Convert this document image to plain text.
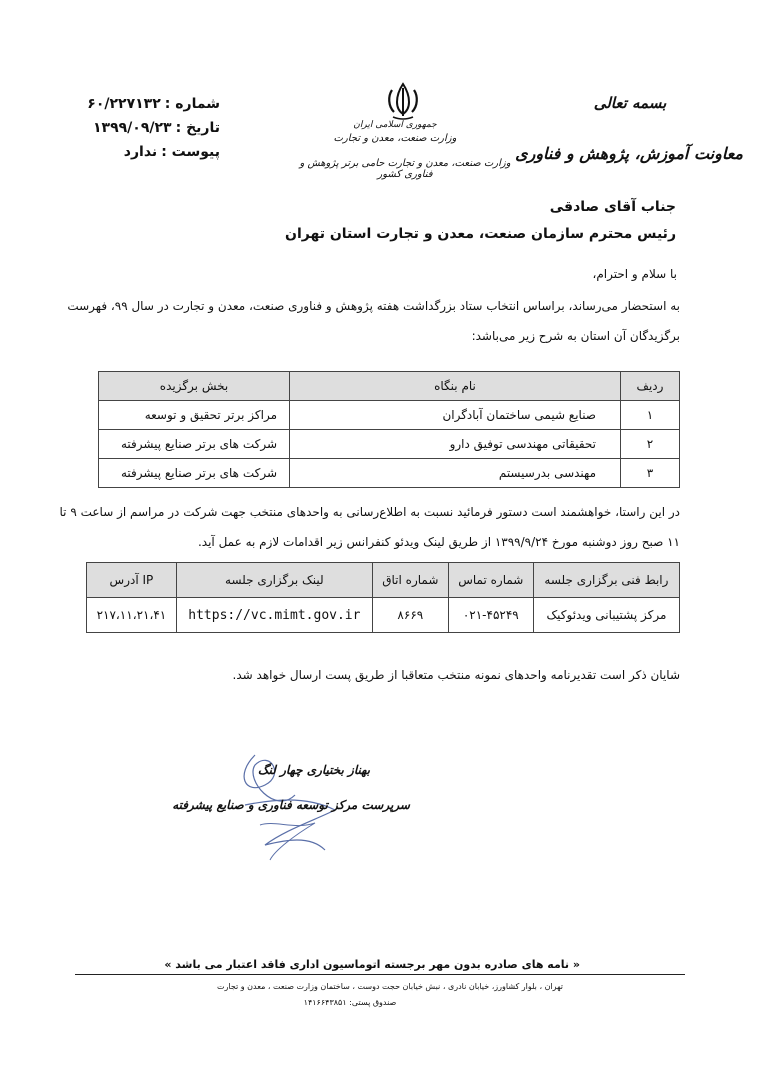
شماره :
۶۰/۲۲۷۱۳۲
تاریخ :
۱۳۹۹/۰۹/۲۳
پیوست :
ندارد
جمهوری اسلامی ایران
وزارت صنعت، معدن و تجارت
وزارت صنعت، معدن و تجارت حامی برتر پژوهش و فناوری کشور
بسمه تعالی
معاونت آموزش، پژوهش و فناوری
جناب آقای صادقی
رئیس محترم سازمان صنعت، معدن و تجارت استان تهران
با سلام و احترام،
به استحضار می‌رساند، براساس انتخاب ستاد بزرگداشت هفته پژوهش و فناوری صنعت، معدن و تجارت در سال ۹۹، فهرست
برگزیدگان آن استان به شرح زیر می‌باشد:
ردیف	نام بنگاه	بخش برگزیده
۱	صنایع شیمی ساختمان آبادگران	مراکز برتر تحقیق و توسعه
۲	تحقیقاتی مهندسی توفیق دارو	شرکت های برتر صنایع پیشرفته
۳	مهندسی بدرسیستم	شرکت های برتر صنایع پیشرفته
در این راستا، خواهشمند است دستور فرمائید نسبت به اطلاع‌رسانی به واحدهای منتخب جهت شرکت در مراسم از ساعت ۹ تا
۱۱ صبح روز دوشنبه مورخ ۱۳۹۹/۹/۲۴ از طریق لینک ویدئو کنفرانس زیر اقدامات لازم به عمل آید.
رابط فنی برگزاری جلسه	شماره تماس	شماره اتاق	لینک برگزاری جلسه	IP آدرس
مرکز پشتیبانی ویدئوکیک	۰۲۱-۴۵۲۴۹	۸۶۶۹	https://vc.mimt.gov.ir	۲۱۷،۱۱،۲۱،۴۱
شایان ذکر است تقدیرنامه واحدهای نمونه منتخب متعاقبا از طریق پست ارسال خواهد شد.
بهناز بختیاری چهار لنگ
سرپرست مرکز توسعه فناوری و صنایع پیشرفته
« نامه های صادره بدون مهر برجسته اتوماسیون اداری فاقد اعتبار می باشد »
تهران ، بلوار کشاورز، خیابان نادری ، نبش خیابان حجت دوست ، ساختمان وزارت صنعت ، معدن و تجارت
صندوق پستی: ۱۴۱۶۶۴۳۸۵۱
